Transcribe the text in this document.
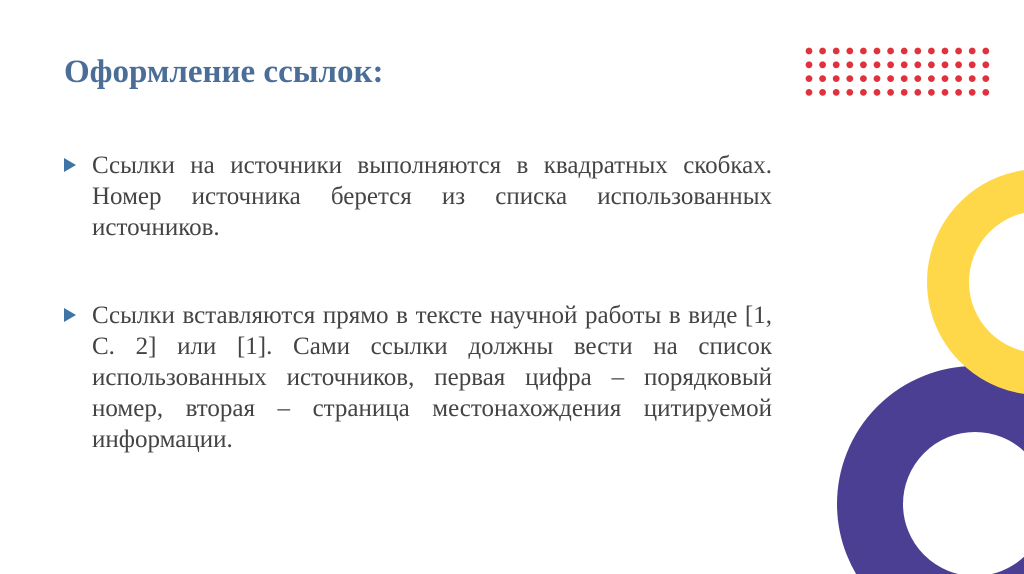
Оформление ссылок:
Ссылки на источники выполняются в квадратных скобках. Номер источника берется из списка использованных источников.
Ссылки вставляются прямо в тексте научной работы в виде [1, С. 2] или [1]. Сами ссылки должны вести на список использованных источников, первая цифра – порядковый номер, вторая – страница местонахождения цитируемой информации.
